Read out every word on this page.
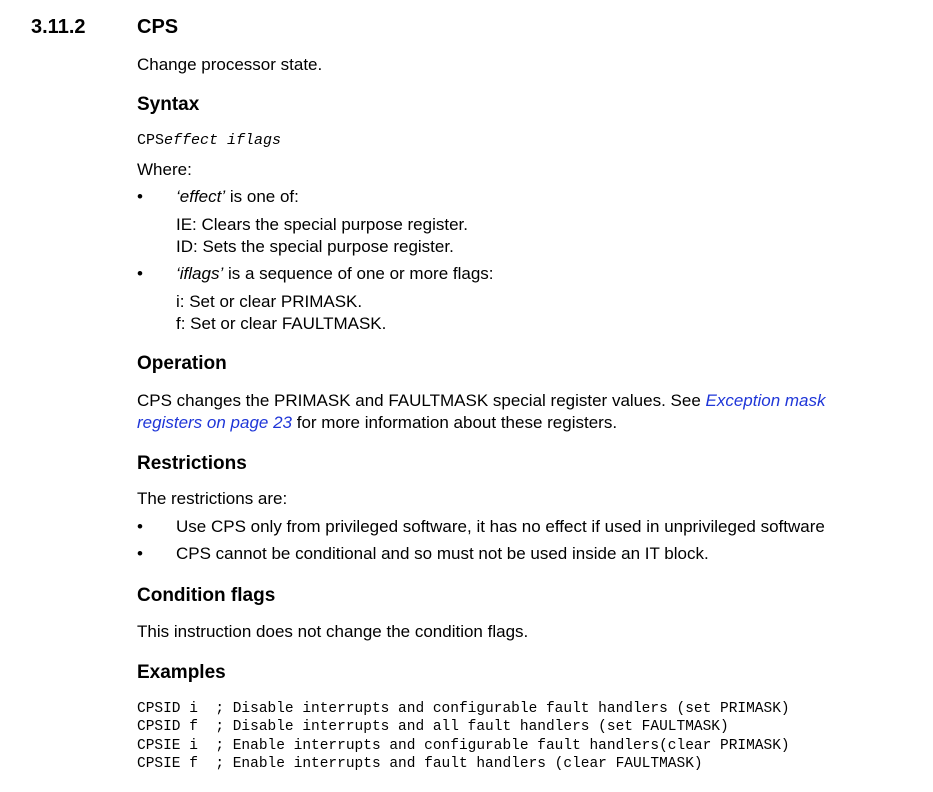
3.11.2	CPS

Change processor state.

Syntax
CPSeffect iflags

Where:

• ‘effect’ is one of:

IE: Clears the special purpose register.

ID: Sets the special purpose register.

• ‘iflags’ is a sequence of one or more flags:

i: Set or clear PRIMASK.

f: Set or clear FAULTMASK.

Operation

CPS changes the PRIMASK and FAULTMASK special register values. See Exception mask

registers on page 23 for more information about these registers.

Restrictions

The restrictions are:

• Use CPS only from privileged software, it has no effect if used in unprivileged software

• CPS cannot be conditional and so must not be used inside an IT block.

Condition flags

This instruction does not change the condition flags.

Examples
CPSID i  ; Disable interrupts and configurable fault handlers (set PRIMASK)
CPSID f  ; Disable interrupts and all fault handlers (set FAULTMASK)
CPSIE i  ; Enable interrupts and configurable fault handlers(clear PRIMASK)
CPSIE f  ; Enable interrupts and fault handlers (clear FAULTMASK)
